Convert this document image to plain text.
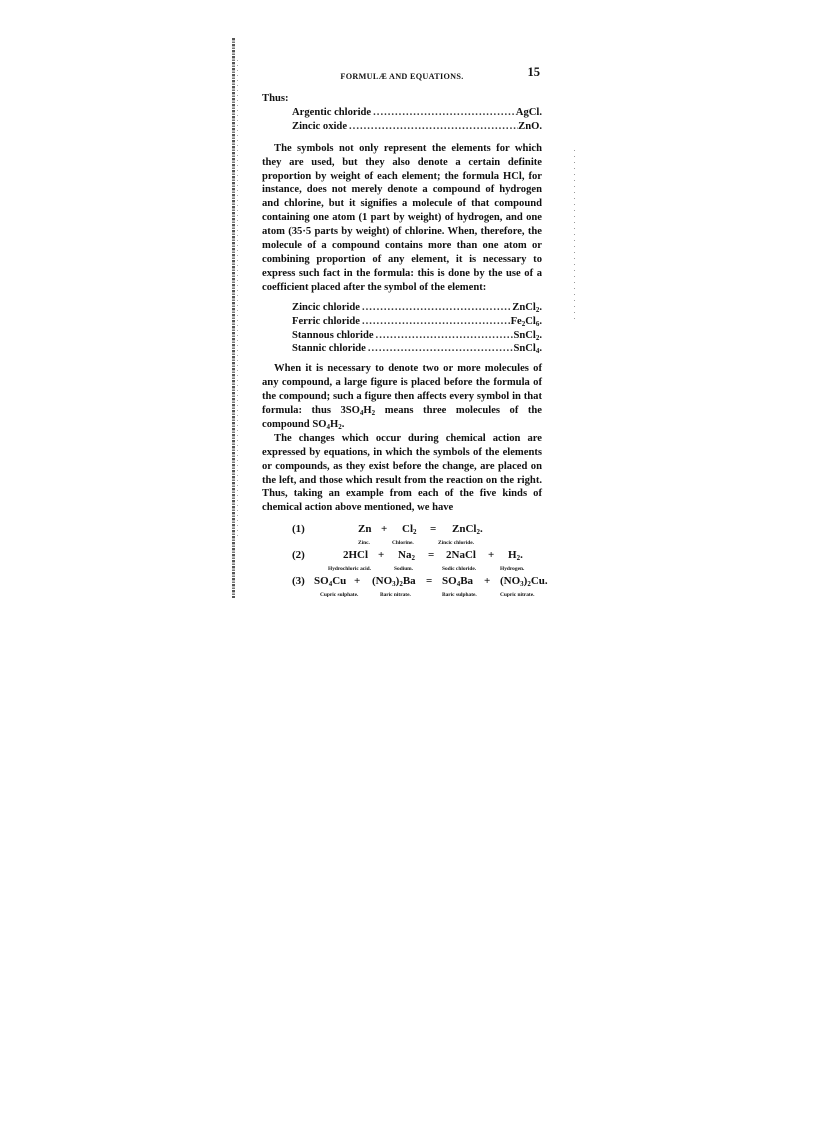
FORMULÆ AND EQUATIONS.	15
Thus:
Argentic chloride .....	AgCl.
Zincic oxide .....	ZnO.

The symbols not only represent the elements for which they are used, but they also denote a certain definite proportion by weight of each element; the formula HCl, for instance, does not merely denote a compound of hydrogen and chlorine, but it signifies a molecule of that compound containing one atom (1 part by weight) of hydrogen, and one atom (35·5 parts by weight) of chlorine. When, therefore, the molecule of a compound contains more than one atom or combining proportion of any element, it is necessary to express such fact in the formula: this is done by the use of a coefficient placed after the symbol of the element:

Zincic chloride .....	ZnCl$_2$.
Ferric chloride .....	$Fe_2Cl_6$.
Stannous chloride .....	SnCl$_2$.
Stannic chloride .....	SnCl$_4$.

When it is necessary to denote two or more molecules of any compound, a large figure is placed before the formula of the compound; such a figure then affects every symbol in that formula: thus $3SO_4H_2$ means three molecules of the compound $SO_4H_2$.

The changes which occur during chemical action are expressed by equations, in which the symbols of the elements or compounds, as they exist before the change, are placed on the left, and those which result from the reaction on the right. Thus, taking an example from each of the five kinds of chemical action above mentioned, we have

(1)	$Zn + Cl_2$ = ZnCl$_2$.
Zinc.	Chlorine.	Zincic chloride.
(2)	$2HCl + Na_2$ = 2NaCl + $H_2$.
Hydrochloric acid.	Sodium.	Sodic chloride.	Hydrogen.
(3) $SO_4Cu + (NO_3)_2Ba = SO_4Ba + (NO_3)_2Cu$.
Cupric sulphate.	Baric nitrate.	Baric sulphate.	Cupric nitrate.
